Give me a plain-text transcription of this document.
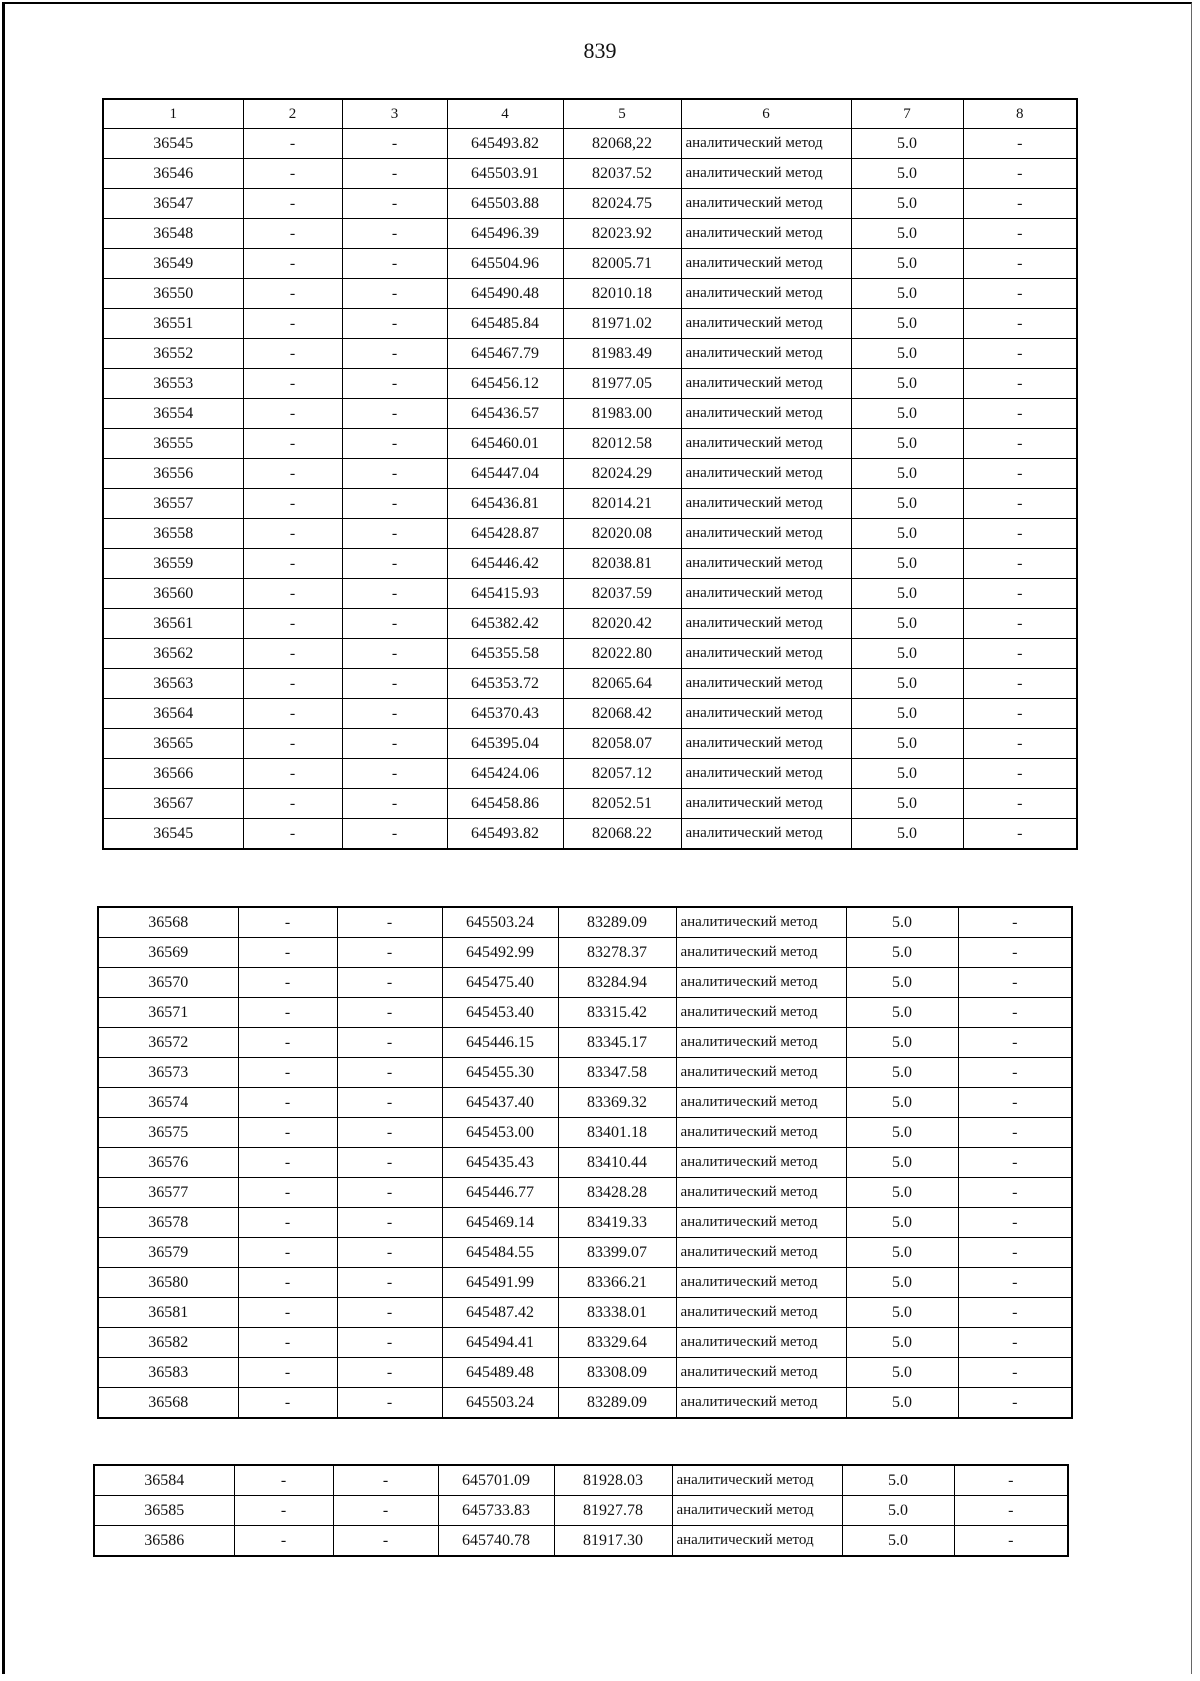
839
1	2	3	4	5	6	7	8
36545	-	-	645493.82	82068,22	аналитический метод	5.0	-
36546	-	-	645503.91	82037.52	аналитический метод	5.0	-
36547	-	-	645503.88	82024.75	аналитический метод	5.0	-
36548	-	-	645496.39	82023.92	аналитический метод	5.0	-
36549	-	-	645504.96	82005.71	аналитический метод	5.0	-
36550	-	-	645490.48	82010.18	аналитический метод	5.0	-
36551	-	-	645485.84	81971.02	аналитический метод	5.0	-
36552	-	-	645467.79	81983.49	аналитический метод	5.0	-
36553	-	-	645456.12	81977.05	аналитический метод	5.0	-
36554	-	-	645436.57	81983.00	аналитический метод	5.0	-
36555	-	-	645460.01	82012.58	аналитический метод	5.0	-
36556	-	-	645447.04	82024.29	аналитический метод	5.0	-
36557	-	-	645436.81	82014.21	аналитический метод	5.0	-
36558	-	-	645428.87	82020.08	аналитический метод	5.0	-
36559	-	-	645446.42	82038.81	аналитический метод	5.0	-
36560	-	-	645415.93	82037.59	аналитический метод	5.0	-
36561	-	-	645382.42	82020.42	аналитический метод	5.0	-
36562	-	-	645355.58	82022.80	аналитический метод	5.0	-
36563	-	-	645353.72	82065.64	аналитический метод	5.0	-
36564	-	-	645370.43	82068.42	аналитический метод	5.0	-
36565	-	-	645395.04	82058.07	аналитический метод	5.0	-
36566	-	-	645424.06	82057.12	аналитический метод	5.0	-
36567	-	-	645458.86	82052.51	аналитический метод	5.0	-
36545	-	-	645493.82	82068.22	аналитический метод	5.0	-
36568	-	-	645503.24	83289.09	аналитический метод	5.0	-
36569	-	-	645492.99	83278.37	аналитический метод	5.0	-
36570	-	-	645475.40	83284.94	аналитический метод	5.0	-
36571	-	-	645453.40	83315.42	аналитический метод	5.0	-
36572	-	-	645446.15	83345.17	аналитический метод	5.0	-
36573	-	-	645455.30	83347.58	аналитический метод	5.0	-
36574	-	-	645437.40	83369.32	аналитический метод	5.0	-
36575	-	-	645453.00	83401.18	аналитический метод	5.0	-
36576	-	-	645435.43	83410.44	аналитический метод	5.0	-
36577	-	-	645446.77	83428.28	аналитический метод	5.0	-
36578	-	-	645469.14	83419.33	аналитический метод	5.0	-
36579	-	-	645484.55	83399.07	аналитический метод	5.0	-
36580	-	-	645491.99	83366.21	аналитический метод	5.0	-
36581	-	-	645487.42	83338.01	аналитический метод	5.0	-
36582	-	-	645494.41	83329.64	аналитический метод	5.0	-
36583	-	-	645489.48	83308.09	аналитический метод	5.0	-
36568	-	-	645503.24	83289.09	аналитический метод	5.0	-
36584	-	-	645701.09	81928.03	аналитический метод	5.0	-
36585	-	-	645733.83	81927.78	аналитический метод	5.0	-
36586	-	-	645740.78	81917.30	аналитический метод	5.0	-
